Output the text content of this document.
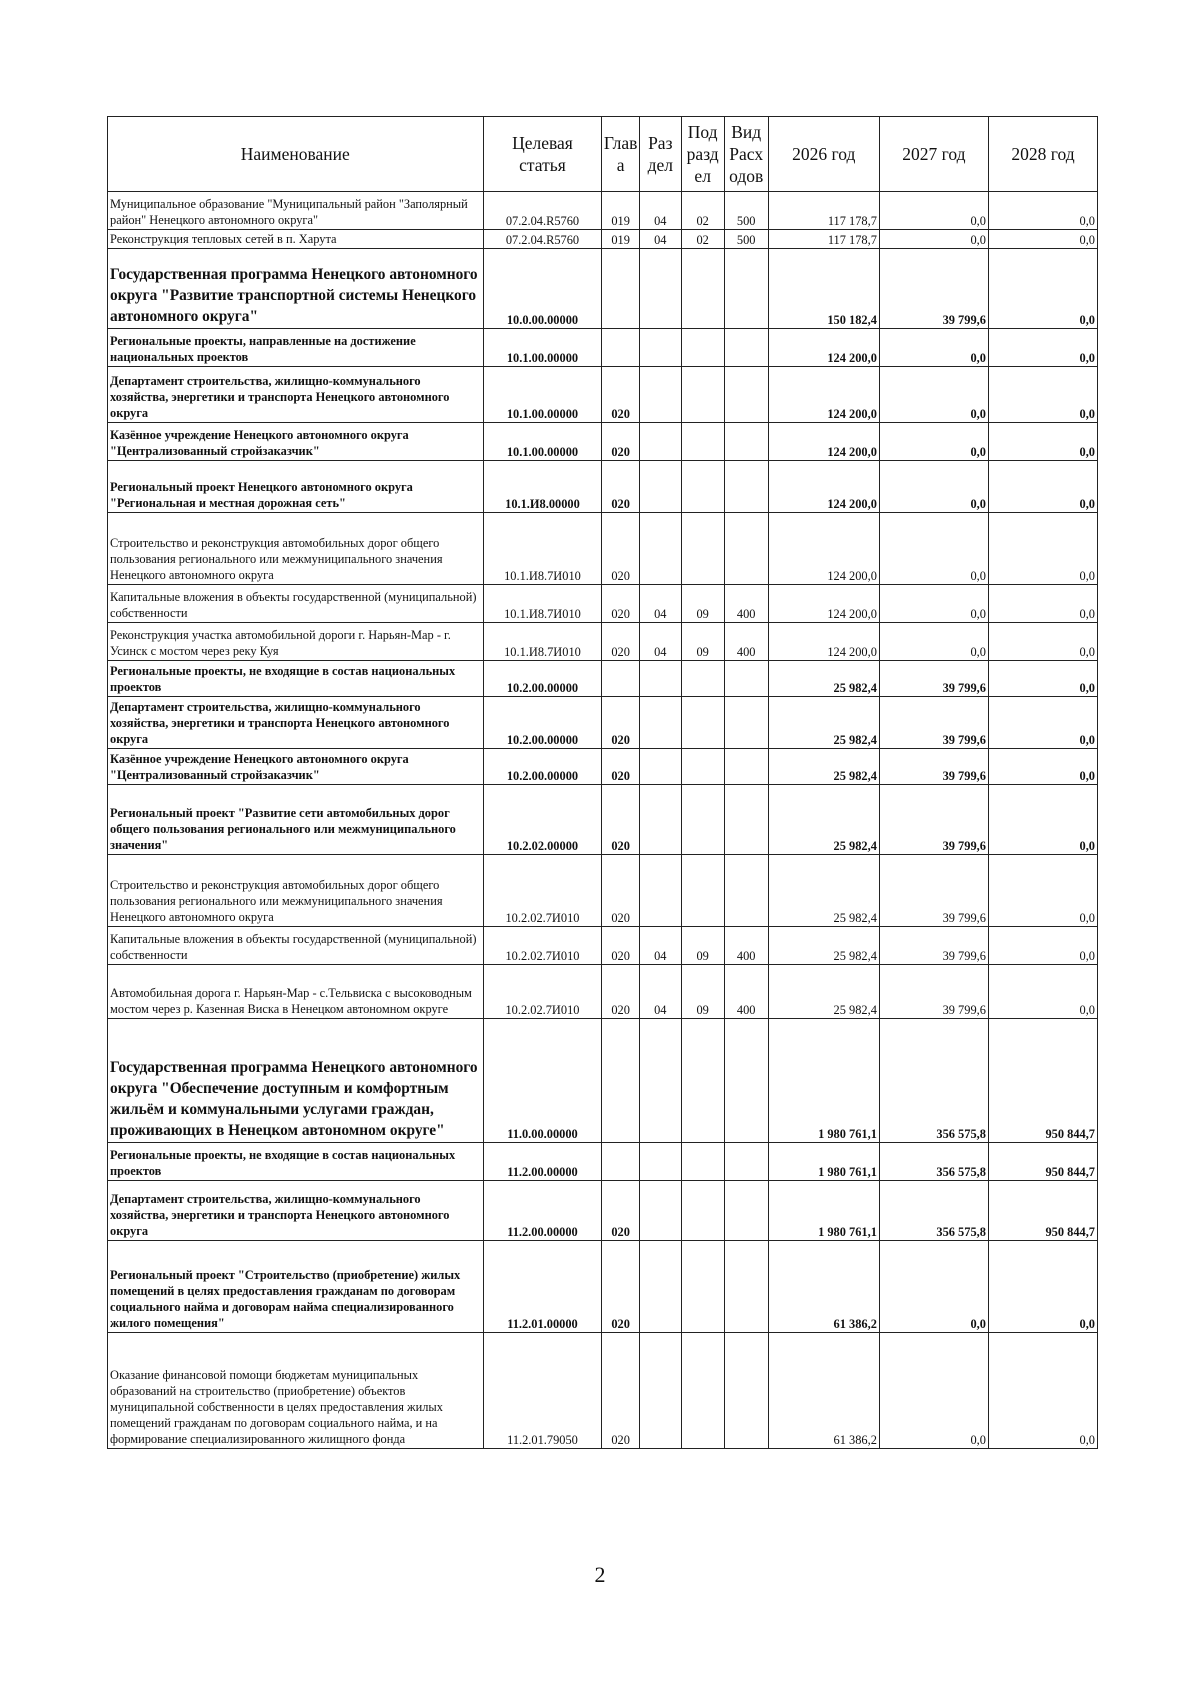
Наименование	Целевая статья	Глав а	Раз дел	Под разд ел	Вид Расх одов	2026 год	2027 год	2028 год
Муниципальное образование "Муниципальный район "Заполярный район" Ненецкого автономного округа"	07.2.04.R5760	019	04	02	500	117 178,7	0,0	0,0
Реконструкция тепловых сетей в п. Харута	07.2.04.R5760	019	04	02	500	117 178,7	0,0	0,0
Государственная программа Ненецкого автономного округа "Развитие транспортной системы Ненецкого автономного округа"	10.0.00.00000					150 182,4	39 799,6	0,0
Региональные проекты, направленные на достижение национальных проектов	10.1.00.00000					124 200,0	0,0	0,0
Департамент строительства, жилищно-коммунального хозяйства, энергетики и транспорта Ненецкого автономного округа	10.1.00.00000	020				124 200,0	0,0	0,0
Казённое учреждение Ненецкого автономного округа "Централизованный стройзаказчик"	10.1.00.00000	020				124 200,0	0,0	0,0
Региональный проект Ненецкого автономного округа "Региональная и местная дорожная сеть"	10.1.И8.00000	020				124 200,0	0,0	0,0
Строительство и реконструкция автомобильных дорог общего пользования регионального или межмуниципального значения Ненецкого автономного округа	10.1.И8.7И010	020				124 200,0	0,0	0,0
Капитальные вложения в объекты государственной (муниципальной) собственности	10.1.И8.7И010	020	04	09	400	124 200,0	0,0	0,0
Реконструкция участка автомобильной дороги г. Нарьян-Мар - г. Усинск с мостом через реку Куя	10.1.И8.7И010	020	04	09	400	124 200,0	0,0	0,0
Региональные проекты, не входящие в состав национальных проектов	10.2.00.00000					25 982,4	39 799,6	0,0
Департамент строительства, жилищно-коммунального хозяйства, энергетики и транспорта Ненецкого автономного округа	10.2.00.00000	020				25 982,4	39 799,6	0,0
Казённое учреждение Ненецкого автономного округа "Централизованный стройзаказчик"	10.2.00.00000	020				25 982,4	39 799,6	0,0
Региональный проект "Развитие сети автомобильных дорог общего пользования регионального или межмуниципального значения"	10.2.02.00000	020				25 982,4	39 799,6	0,0
Строительство и реконструкция автомобильных дорог общего пользования регионального или межмуниципального значения Ненецкого автономного округа	10.2.02.7И010	020				25 982,4	39 799,6	0,0
Капитальные вложения в объекты государственной (муниципальной) собственности	10.2.02.7И010	020	04	09	400	25 982,4	39 799,6	0,0
Автомобильная дорога г. Нарьян-Мар - с.Тельвиска с высоководным мостом через р. Казенная Виска в Ненецком автономном округе	10.2.02.7И010	020	04	09	400	25 982,4	39 799,6	0,0
Государственная программа Ненецкого автономного округа "Обеспечение доступным и комфортным жильём и коммунальными услугами граждан, проживающих в Ненецком автономном округе"	11.0.00.00000					1 980 761,1	356 575,8	950 844,7
Региональные проекты, не входящие в состав национальных проектов	11.2.00.00000					1 980 761,1	356 575,8	950 844,7
Департамент строительства, жилищно-коммунального хозяйства, энергетики и транспорта Ненецкого автономного округа	11.2.00.00000	020				1 980 761,1	356 575,8	950 844,7
Региональный проект "Строительство (приобретение) жилых помещений в целях предоставления гражданам по договорам социального найма и договорам найма специализированного жилого помещения"	11.2.01.00000	020				61 386,2	0,0	0,0
Оказание финансовой помощи бюджетам муниципальных образований на строительство (приобретение) объектов муниципальной собственности в целях предоставления жилых помещений гражданам по договорам социального найма, и на формирование специализированного жилищного фонда	11.2.01.79050	020				61 386,2	0,0	0,0
2
